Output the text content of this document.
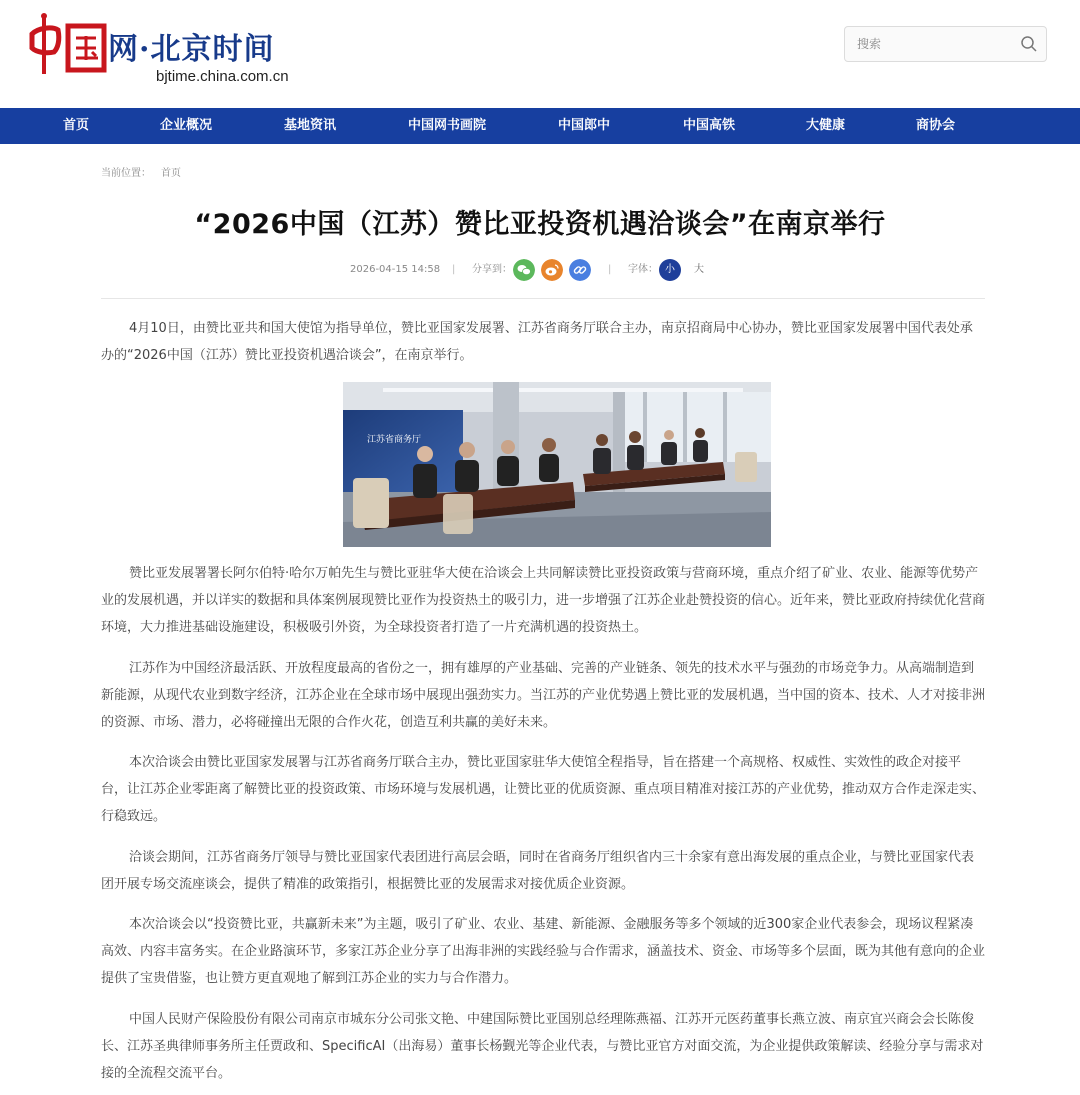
网·北京时间
bjtime.china.com.cn
搜索
首页	企业概况	基地资讯	中国网书画院	中国郎中	中国高铁	大健康	商协会
当前位置： 首页
“2026中国（江苏）赞比亚投资机遇洽谈会”在南京举行
2026-04-15 14:58 | 分享到：	| 字体： 小	大

4月10日，由赞比亚共和国大使馆为指导单位，赞比亚国家发展署、江苏省商务厅联合主办，南京招商局中心协办，赞比亚国家发展署中国代表处承办的“2026中国（江苏）赞比亚投资机遇洽谈会”，在南京举行。

江苏省商务厅

赞比亚发展署署长阿尔伯特·哈尔万帕先生与赞比亚驻华大使在洽谈会上共同解读赞比亚投资政策与营商环境，重点介绍了矿业、农业、能源等优势产业的发展机遇，并以详实的数据和具体案例展现赞比亚作为投资热土的吸引力，进一步增强了江苏企业赴赞投资的信心。近年来，赞比亚政府持续优化营商环境，大力推进基础设施建设，积极吸引外资，为全球投资者打造了一片充满机遇的投资热土。

江苏作为中国经济最活跃、开放程度最高的省份之一，拥有雄厚的产业基础、完善的产业链条、领先的技术水平与强劲的市场竞争力。从高端制造到新能源，从现代农业到数字经济，江苏企业在全球市场中展现出强劲实力。当江苏的产业优势遇上赞比亚的发展机遇，当中国的资本、技术、人才对接非洲的资源、市场、潜力，必将碰撞出无限的合作火花，创造互利共赢的美好未来。

本次洽谈会由赞比亚国家发展署与江苏省商务厅联合主办，赞比亚国家驻华大使馆全程指导，旨在搭建一个高规格、权威性、实效性的政企对接平台，让江苏企业零距离了解赞比亚的投资政策、市场环境与发展机遇，让赞比亚的优质资源、重点项目精准对接江苏的产业优势，推动双方合作走深走实、行稳致远。

洽谈会期间，江苏省商务厅领导与赞比亚国家代表团进行高层会晤，同时在省商务厅组织省内三十余家有意出海发展的重点企业，与赞比亚国家代表团开展专场交流座谈会，提供了精准的政策指引，根据赞比亚的发展需求对接优质企业资源。

本次洽谈会以“投资赞比亚，共赢新未来”为主题，吸引了矿业、农业、基建、新能源、金融服务等多个领域的近300家企业代表参会，现场议程紧凑高效、内容丰富务实。在企业路演环节，多家江苏企业分享了出海非洲的实践经验与合作需求，涵盖技术、资金、市场等多个层面，既为其他有意向的企业提供了宝贵借鉴，也让赞方更直观地了解到江苏企业的实力与合作潜力。

中国人民财产保险股份有限公司南京市城东分公司张文艳、中建国际赞比亚国别总经理陈燕福、江苏开元医药董事长燕立波、南京宜兴商会会长陈俊长、江苏圣典律师事务所主任贾政和、SpecificAI（出海易）董事长杨觐光等企业代表，与赞比亚官方对面交流，为企业提供政策解读、经验分享与需求对接的全流程交流平台。
